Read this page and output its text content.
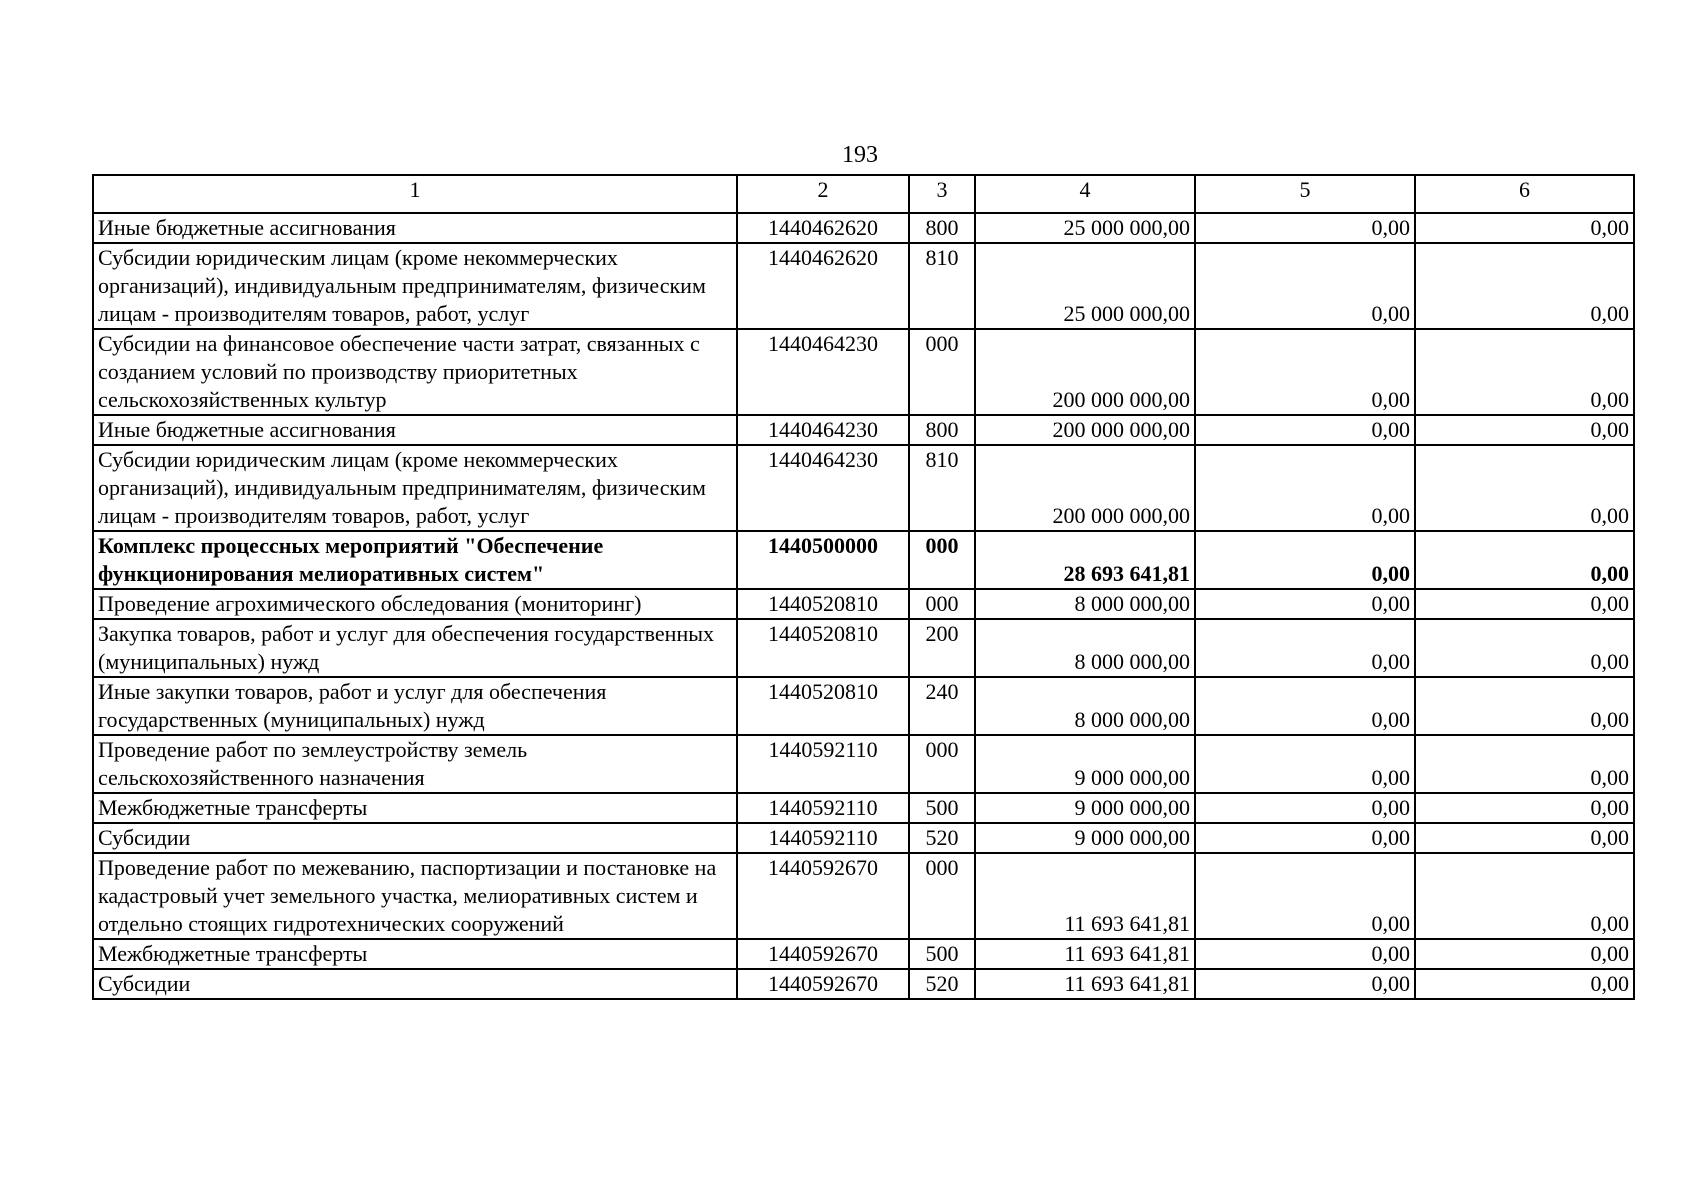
193
1	2	3	4	5	6
Иные бюджетные ассигнования	1440462620	800	25 000 000,00	0,00	0,00
Субсидии юридическим лицам (кроме некоммерческих организаций), индивидуальным предпринимателям, физическим лицам - производителям товаров, работ, услуг	1440462620	810	25 000 000,00	0,00	0,00
Субсидии на финансовое обеспечение части затрат, связанных с созданием условий по производству приоритетных сельскохозяйственных культур	1440464230	000	200 000 000,00	0,00	0,00
Иные бюджетные ассигнования	1440464230	800	200 000 000,00	0,00	0,00
Субсидии юридическим лицам (кроме некоммерческих организаций), индивидуальным предпринимателям, физическим лицам - производителям товаров, работ, услуг	1440464230	810	200 000 000,00	0,00	0,00
Комплекс процессных мероприятий "Обеспечение функционирования мелиоративных систем"	1440500000	000	28 693 641,81	0,00	0,00
Проведение агрохимического обследования (мониторинг)	1440520810	000	8 000 000,00	0,00	0,00
Закупка товаров, работ и услуг для обеспечения государственных (муниципальных) нужд	1440520810	200	8 000 000,00	0,00	0,00
Иные закупки товаров, работ и услуг для обеспечения государственных (муниципальных) нужд	1440520810	240	8 000 000,00	0,00	0,00
Проведение работ по землеустройству земель сельскохозяйственного назначения	1440592110	000	9 000 000,00	0,00	0,00
Межбюджетные трансферты	1440592110	500	9 000 000,00	0,00	0,00
Субсидии	1440592110	520	9 000 000,00	0,00	0,00
Проведение работ по межеванию, паспортизации и постановке на кадастровый учет земельного участка, мелиоративных систем и отдельно стоящих гидротехнических сооружений	1440592670	000	11 693 641,81	0,00	0,00
Межбюджетные трансферты	1440592670	500	11 693 641,81	0,00	0,00
Субсидии	1440592670	520	11 693 641,81	0,00	0,00
